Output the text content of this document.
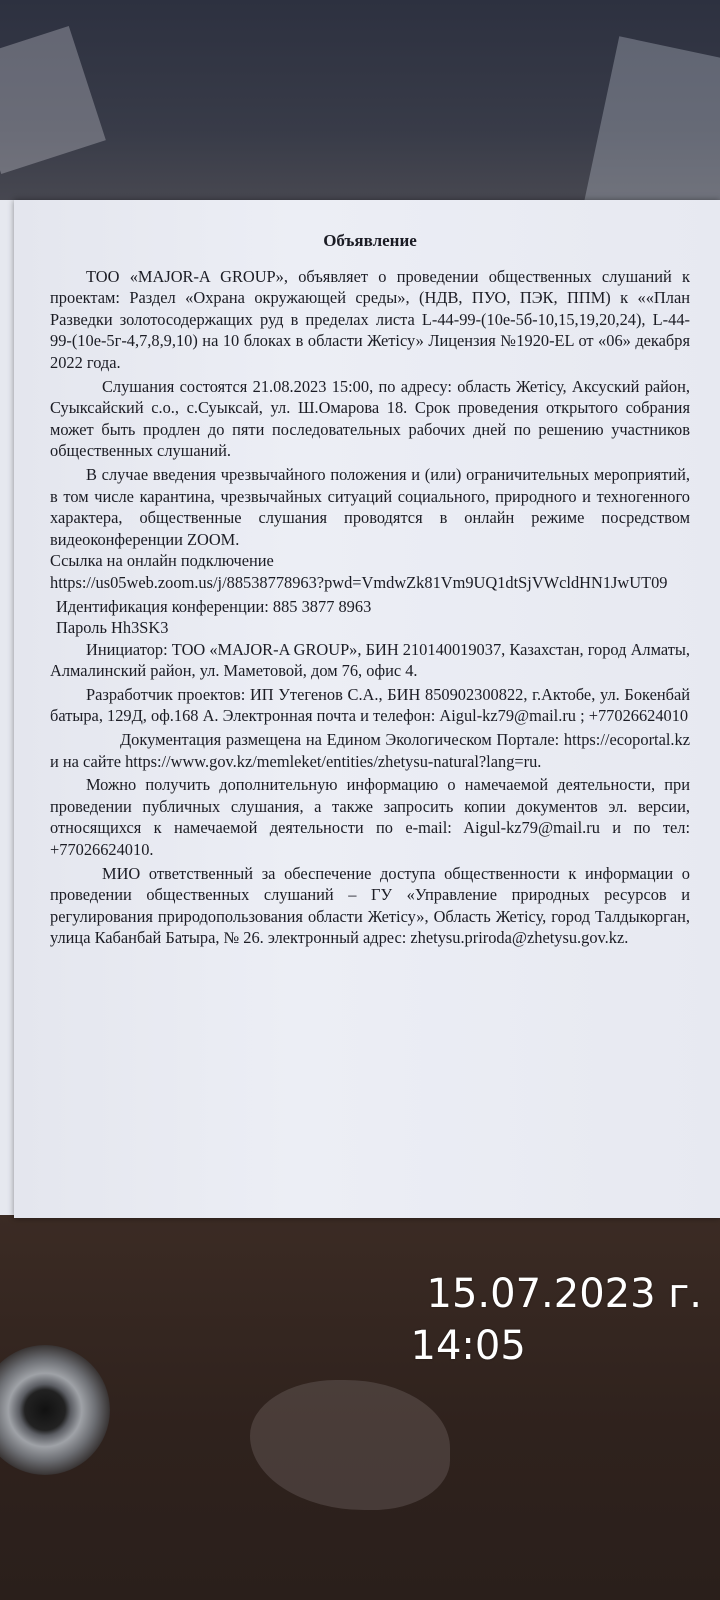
Объявление

ТОО «MAJOR-A GROUP», объявляет о проведении общественных слушаний к проектам: Раздел «Охрана окружающей среды», (НДВ, ПУО, ПЭК, ППМ) к ««План Разведки золотосодержащих руд в пределах листа L-44-99-(10е-5б-10,15,19,20,24), L-44-99-(10е-5г-4,7,8,9,10) на 10 блоках в области Жетісу» Лицензия №1920-EL от «06» декабря 2022 года.

Слушания состоятся 21.08.2023 15:00, по адресу: область Жетісу, Аксуский район, Суыксайский с.о., с.Суыксай, ул. Ш.Омарова 18. Срок проведения открытого собрания может быть продлен до пяти последовательных рабочих дней по решению участников общественных слушаний.

В случае введения чрезвычайного положения и (или) ограничительных мероприятий, в том числе карантина, чрезвычайных ситуаций социального, природного и техногенного характера, общественные слушания проводятся в онлайн режиме посредством видеоконференции ZOOM.

Ссылка на онлайн подключение

https://us05web.zoom.us/j/88538778963?pwd=VmdwZk81Vm9UQ1dtSjVWcldHN1JwUT09

Идентификация конференции: 885 3877 8963

Пароль Hh3SK3

Инициатор: ТОО «MAJOR-A GROUP», БИН 210140019037, Казахстан, город Алматы, Алмалинский район, ул. Маметовой, дом 76, офис 4.

Разработчик проектов: ИП Утегенов С.А., БИН 850902300822, г.Актобе, ул. Бокенбай батыра, 129Д, оф.168 А. Электронная почта и телефон: Aigul-kz79@mail.ru ; +77026624010

Документация размещена на Едином Экологическом Портале: https://ecoportal.kz и на сайте https://www.gov.kz/memleket/entities/zhetysu-natural?lang=ru.

Можно получить дополнительную информацию о намечаемой деятельности, при проведении публичных слушания, а также запросить копии документов эл. версии, относящихся к намечаемой деятельности по e-mail: Aigul-kz79@mail.ru и по тел: +77026624010.

МИО ответственный за обеспечение доступа общественности к информации о проведении общественных слушаний – ГУ «Управление природных ресурсов и регулирования природопользования области Жетісу», Область Жетісу, город Талдыкорган, улица Кабанбай Батыра, № 26. электронный адрес: zhetysu.priroda@zhetysu.gov.kz.

15.07.2023 г.
14:05
